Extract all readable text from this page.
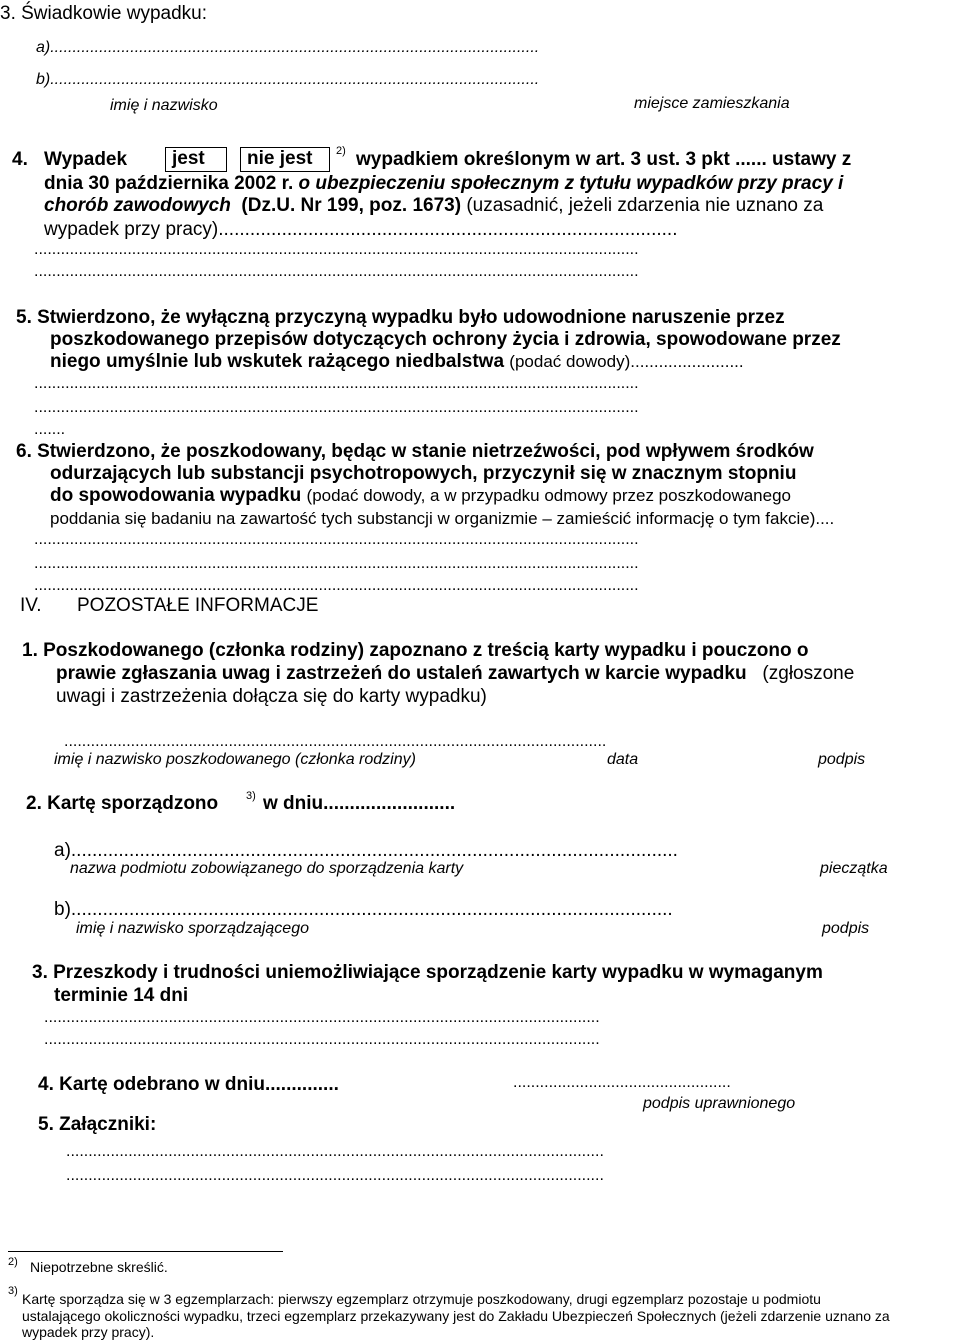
3. Świadkowie wypadku:
a)..............................................................................................................
b)..............................................................................................................
imię i nazwisko	miejsce zamieszkania
4. Wypadek	jest	nie jest	2) wypadkiem określonym w art. 3 ust. 3 pkt ...... ustawy z
dnia 30 października 2002 r. o ubezpieczeniu społecznym z tytułu wypadków przy pracy i
chorób zawodowych (Dz.U. Nr 199, poz. 1673) (uzasadnić, jeżeli zdarzenia nie uznano za
wypadek przy pracy).......................................................................................
........................................................................................................................................
........................................................................................................................................
5. Stwierdzono, że wyłączną przyczyną wypadku było udowodnione naruszenie przez
poszkodowanego przepisów dotyczących ochrony życia i zdrowia, spowodowane przez
niego umyślnie lub wskutek rażącego niedbalstwa (podać dowody)........................
........................................................................................................................................
........................................................................................................................................
.......
6. Stwierdzono, że poszkodowany, będąc w stanie nietrzeźwości, pod wpływem środków
odurzających lub substancji psychotropowych, przyczynił się w znacznym stopniu
do spowodowania wypadku (podać dowody, a w przypadku odmowy przez poszkodowanego
poddania się badaniu na zawartość tych substancji w organizmie – zamieścić informację o tym fakcie)....
........................................................................................................................................
........................................................................................................................................
........................................................................................................................................
IV. POZOSTAŁE INFORMACJE
1. Poszkodowanego (członka rodziny) zapoznano z treścią karty wypadku i pouczono o
prawie zgłaszania uwag i zastrzeżeń do ustaleń zawartych w karcie wypadku (zgłoszone
uwagi i zastrzeżenia dołącza się do karty wypadku)
..........................................................................................................................
imię i nazwisko poszkodowanego (członka rodziny)	data	podpis
2. Kartę sporządzono	3) w dniu.........................
a)...................................................................................................................
nazwa podmiotu zobowiązanego do sporządzenia karty	pieczątka
b)..................................................................................................................
imię i nazwisko sporządzającego	podpis
3. Przeszkody i trudności uniemożliwiające sporządzenie karty wypadku w wymaganym
terminie 14 dni
.............................................................................................................................
.............................................................................................................................
4. Kartę odebrano w dniu..............	.................................................
podpis uprawnionego
5. Załączniki:
.........................................................................................................................
.........................................................................................................................
2) Niepotrzebne skreślić.
3) Kartę sporządza się w 3 egzemplarzach: pierwszy egzemplarz otrzymuje poszkodowany, drugi egzemplarz pozostaje u podmiotu
ustalającego okoliczności wypadku, trzeci egzemplarz przekazywany jest do Zakładu Ubezpieczeń Społecznych (jeżeli zdarzenie uznano za
wypadek przy pracy).
